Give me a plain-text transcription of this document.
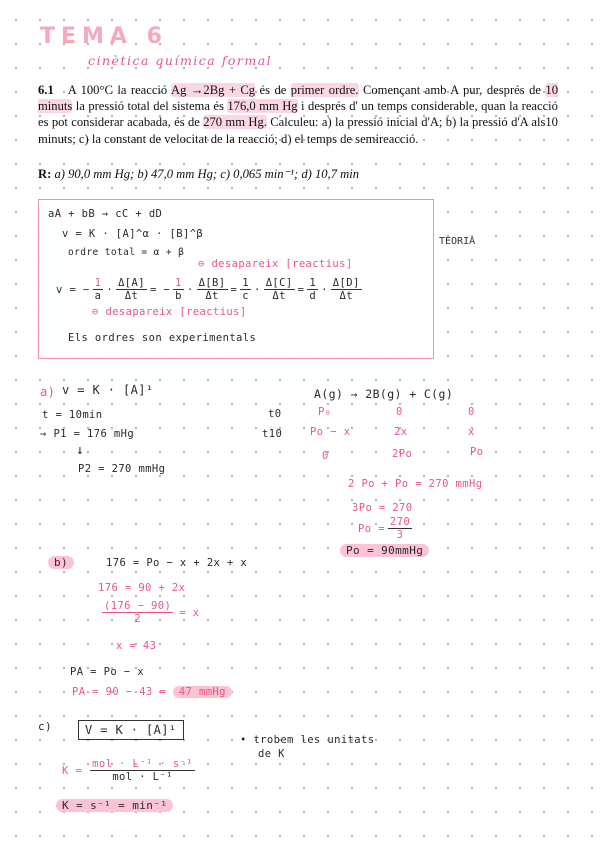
TEMA 6
cinètica química formal
6.1 A 100°C la reacció Ag →2Bg + Cg és de primer ordre. Començant amb A pur, després de 10 minuts la pressió total del sistema és 176,0 mm Hg i després d' un temps considerable, quan la reacció es pot considerar acabada, és de 270 mm Hg. Calculeu: a) la pressió inicial d'A; b) la pressió d'A als10 minuts; c) la constant de velocitat de la reacció; d) el temps de semireacció.
R: a) 90,0 mm Hg; b) 47,0 mm Hg; c) 0,065 min⁻¹; d) 10,7 min
aA + bB → cC + dD
v = K · [A]^α · [B]^β
ordre total = α + β
⊖ desapareix [reactius]
v = − $\frac{1}{a} \cdot \frac{\Delta[A]}{\Delta t}$ = − $\frac{1}{b} \cdot \frac{\Delta[B]}{\Delta t} = \frac{1}{c} \cdot \frac{\Delta[C]}{\Delta t} = \frac{1}{d} \cdot \frac{\Delta[D]}{\Delta t}$
⊖ desapareix [reactius]
Els ordres son experimentals
TEORIA
a) v = K · [A]¹
t = 10min
→ P1 = 176 mHg
↓
P2 = 270 mmHg
A(g) → 2B(g) + C(g)
t0
t10
P₀	0	0
Po − x	2x	x
0	2Po	Po
2 Po + Po = 270 mmHg
3Po = 270
$Po = \frac{270}{3}$
Po = 90mmHg
b)	176 = Po − x + 2x + x
176 = 90 + 2x
$\frac{(176 - 90)}{2} = x$
x = 43
PA = Po − x
PA = 90 − 43 = 47 mmHg
c)	V = K · [A]¹
• trobem les unitats
de K
$K = \frac{\text{mol · L⁻¹ · s⁻¹}}{\text{mol · L⁻¹}}$
K = s⁻¹ = min⁻¹
